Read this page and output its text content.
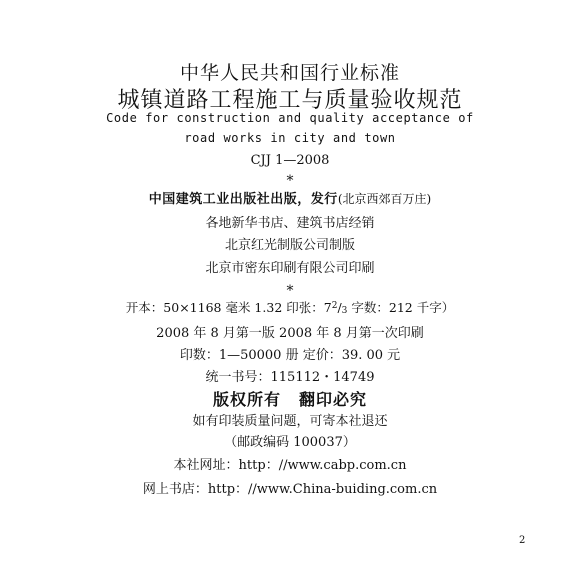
中华人民共和国行业标准
城镇道路工程施工与质量验收规范
Code for construction and quality acceptance of
road works in city and town
CJJ 1—2008
*
中国建筑工业出版社出版，发行(北京西郊百万庄)
各地新华书店、建筑书店经销
北京红光制版公司制版
北京市密东印刷有限公司印刷
*
开本：50×1168 毫米 1.32 印张：$7^2/_3$ 字数：212 千字）
2008 年 8 月第一版 2008 年 8 月第一次印刷
印数：1—50000 册 定价：39. 00 元
统一书号：115112・14749
版权所有 翻印必究
如有印装质量问题，可寄本社退还
（邮政编码 100037）
本社网址：http：//www.cabp.com.cn
网上书店：http：//www.China-buiding.com.cn
2
